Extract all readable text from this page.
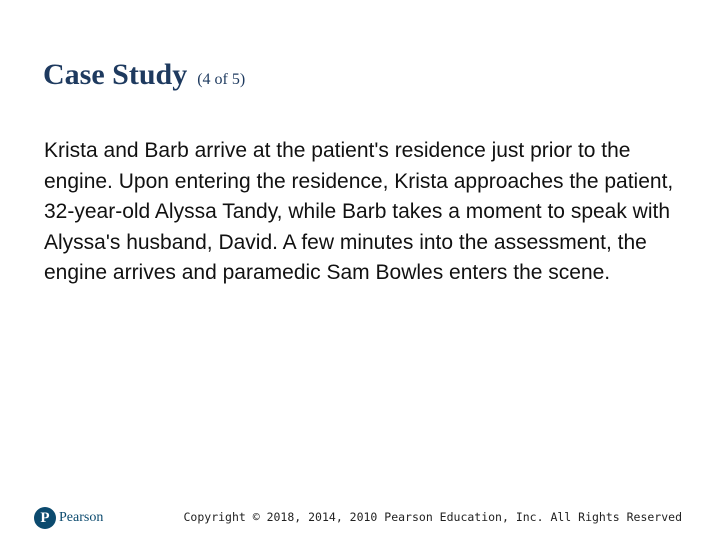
Case Study (4 of 5)

Krista and Barb arrive at the patient's residence just prior to the engine. Upon entering the residence, Krista approaches the patient, 32-year-old Alyssa Tandy, while Barb takes a moment to speak with Alyssa's husband, David. A few minutes into the assessment, the engine arrives and paramedic Sam Bowles enters the scene.

P Pearson	Copyright © 2018, 2014, 2010 Pearson Education, Inc. All Rights Reserved
